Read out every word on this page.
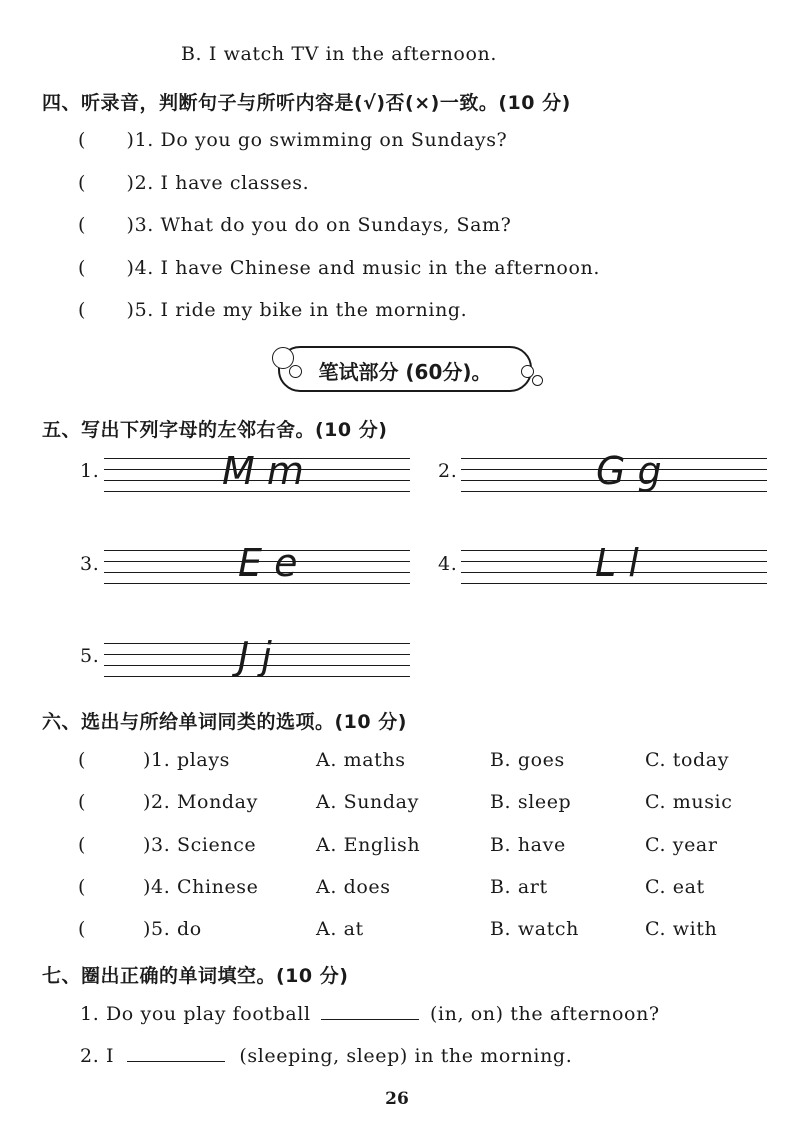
B. I watch TV in the afternoon.
四、听录音，判断句子与所听内容是(√)否(×)一致。(10 分)
( )1. Do you go swimming on Sundays?
( )2. I have classes.
( )3. What do you do on Sundays, Sam?
( )4. I have Chinese and music in the afternoon.
( )5. I ride my bike in the morning.
笔试部分 (60分)。
五、写出下列字母的左邻右舍。(10 分)
1.	M m	2.	G g
3.	E e	4.	L l
5.	J j
六、选出与所给单词同类的选项。(10 分)
(	)1. plays	A. maths	B. goes	C. today
(	)2. Monday	A. Sunday	B. sleep	C. music
(	)3. Science	A. English	B. have	C. year
(	)4. Chinese	A. does	B. art	C. eat
(	)5. do	A. at	B. watch	C. with
七、圈出正确的单词填空。(10 分)
1. Do you play football	(in, on) the afternoon?
2. I	(sleeping, sleep) in the morning.
26
